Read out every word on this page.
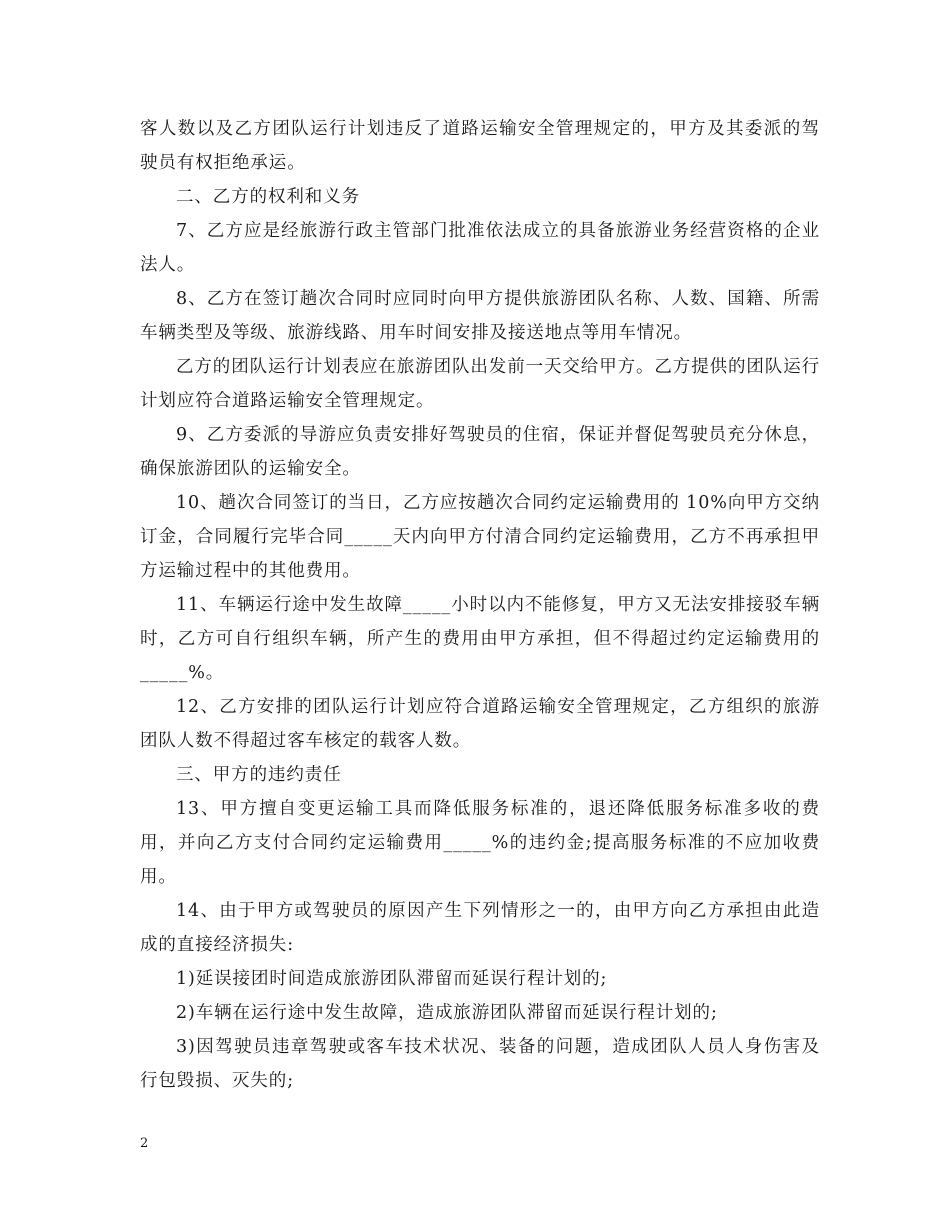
客人数以及乙方团队运行计划违反了道路运输安全管理规定的，甲方及其委派的驾驶员有权拒绝承运。

二、乙方的权利和义务

7、乙方应是经旅游行政主管部门批准依法成立的具备旅游业务经营资格的企业法人。

8、乙方在签订趟次合同时应同时向甲方提供旅游团队名称、人数、国籍、所需车辆类型及等级、旅游线路、用车时间安排及接送地点等用车情况。

乙方的团队运行计划表应在旅游团队出发前一天交给甲方。乙方提供的团队运行计划应符合道路运输安全管理规定。

9、乙方委派的导游应负责安排好驾驶员的住宿，保证并督促驾驶员充分休息，确保旅游团队的运输安全。

10、趟次合同签订的当日，乙方应按趟次合同约定运输费用的 10%向甲方交纳订金，合同履行完毕合同_____天内向甲方付清合同约定运输费用，乙方不再承担甲方运输过程中的其他费用。

11、车辆运行途中发生故障_____小时以内不能修复，甲方又无法安排接驳车辆时，乙方可自行组织车辆，所产生的费用由甲方承担，但不得超过约定运输费用的_____%。

12、乙方安排的团队运行计划应符合道路运输安全管理规定，乙方组织的旅游团队人数不得超过客车核定的载客人数。

三、甲方的违约责任

13、甲方擅自变更运输工具而降低服务标准的，退还降低服务标准多收的费用，并向乙方支付合同约定运输费用_____%的违约金;提高服务标准的不应加收费用。

14、由于甲方或驾驶员的原因产生下列情形之一的，由甲方向乙方承担由此造成的直接经济损失:

1)延误接团时间造成旅游团队滞留而延误行程计划的;

2)车辆在运行途中发生故障，造成旅游团队滞留而延误行程计划的;

3)因驾驶员违章驾驶或客车技术状况、装备的问题，造成团队人员人身伤害及行包毁损、灭失的;

2
